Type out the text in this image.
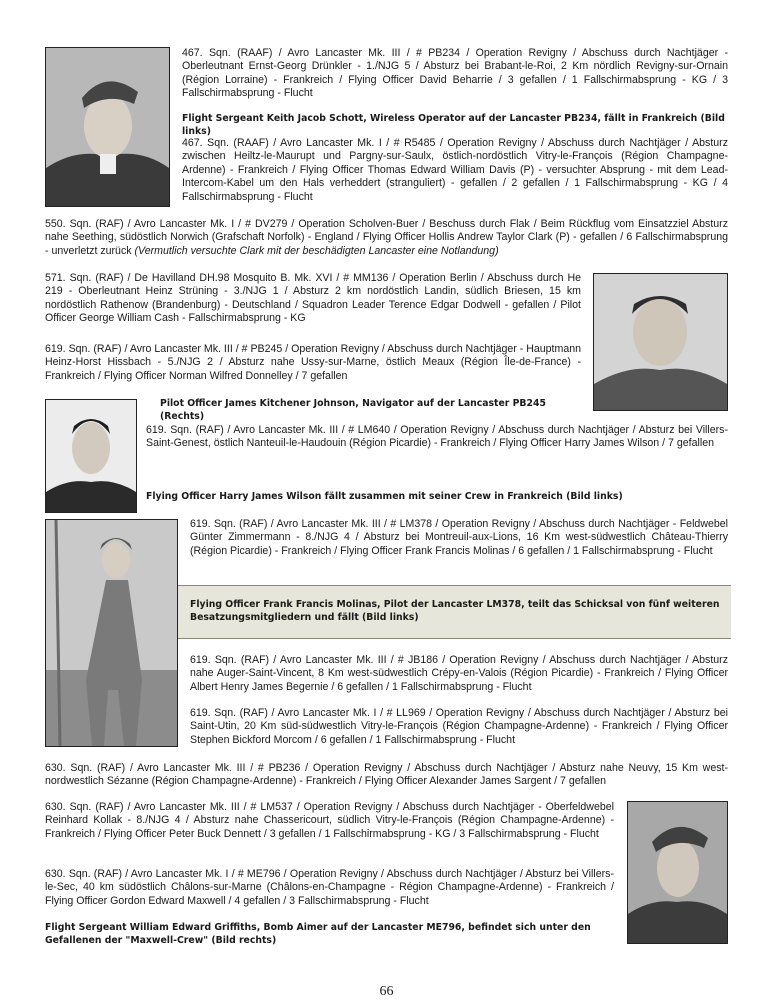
467. Sqn. (RAAF) / Avro Lancaster Mk. III / # PB234 / Operation Revigny / Abschuss durch Nachtjäger - Oberleutnant Ernst-Georg Drünkler - 1./NJG 5 / Absturz bei Brabant-le-Roi, 2 Km nördlich Revigny-sur-Ornain (Région Lorraine) - Frankreich / Flying Officer David Beharrie / 3 gefallen / 1 Fallschirmabsprung - KG / 3 Fallschirmabsprung - Flucht
Flight Sergeant Keith Jacob Schott, Wireless Operator auf der Lancaster PB234, fällt in Frankreich (Bild links)
467. Sqn. (RAAF) / Avro Lancaster Mk. I / # R5485 / Operation Revigny / Abschuss durch Nachtjäger / Absturz zwischen Heiltz-le-Maurupt und Pargny-sur-Saulx, östlich-nordöstlich Vitry-le-François (Région Champagne-Ardenne) - Frankreich / Flying Officer Thomas Edward William Davis (P) - versuchter Absprung - mit dem Lead-Intercom-Kabel um den Hals verheddert (stranguliert) - gefallen / 2 gefallen / 1 Fallschirmabsprung - KG / 4 Fallschirmabsprung - Flucht
550. Sqn. (RAF) / Avro Lancaster Mk. I / # DV279 / Operation Scholven-Buer / Beschuss durch Flak / Beim Rückflug vom Einsatzziel Absturz nahe Seething, südöstlich Norwich (Grafschaft Norfolk) - England / Flying Officer Hollis Andrew Taylor Clark (P) - gefallen / 6 Fallschirmabsprung - unverletzt zurück (Vermutlich versuchte Clark mit der beschädigten Lancaster eine Notlandung)
571. Sqn. (RAF) / De Havilland DH.98 Mosquito B. Mk. XVI / # MM136 / Operation Berlin / Abschuss durch He 219 - Oberleutnant Heinz Strüning - 3./NJG 1 / Absturz 2 km nordöstlich Landin, südlich Briesen, 15 km nordöstlich Rathenow (Brandenburg) - Deutschland / Squadron Leader Terence Edgar Dodwell - gefallen / Pilot Officer George William Cash - Fallschirmabsprung - KG
619. Sqn. (RAF) / Avro Lancaster Mk. III / # PB245 / Operation Revigny / Abschuss durch Nachtjäger - Hauptmann Heinz-Horst Hissbach - 5./NJG 2 / Absturz nahe Ussy-sur-Marne, östlich Meaux (Région Île-de-France) - Frankreich / Flying Officer Norman Wilfred Donnelley / 7 gefallen
Pilot Officer James Kitchener Johnson, Navigator auf der Lancaster PB245 (Rechts)
619. Sqn. (RAF) / Avro Lancaster Mk. III / # LM640 / Operation Revigny / Abschuss durch Nachtjäger / Absturz bei Villers-Saint-Genest, östlich Nanteuil-le-Haudouin (Région Picardie) - Frankreich / Flying Officer Harry James Wilson / 7 gefallen
Flying Officer Harry James Wilson fällt zusammen mit seiner Crew in Frankreich (Bild links)
619. Sqn. (RAF) / Avro Lancaster Mk. III / # LM378 / Operation Revigny / Abschuss durch Nachtjäger - Feldwebel Günter Zimmermann - 8./NJG 4 / Absturz bei Montreuil-aux-Lions, 16 Km west-südwestlich Château-Thierry (Région Picardie) - Frankreich / Flying Officer Frank Francis Molinas / 6 gefallen / 1 Fallschirmabsprung - Flucht
Flying Officer Frank Francis Molinas, Pilot der Lancaster LM378, teilt das Schicksal von fünf weiteren Besatzungsmitgliedern und fällt (Bild links)
619. Sqn. (RAF) / Avro Lancaster Mk. III / # JB186 / Operation Revigny / Abschuss durch Nachtjäger / Absturz nahe Auger-Saint-Vincent, 8 Km west-südwestlich Crépy-en-Valois (Région Picardie) - Frankreich / Flying Officer Albert Henry James Begernie / 6 gefallen / 1 Fallschirmabsprung - Flucht
619. Sqn. (RAF) / Avro Lancaster Mk. I / # LL969 / Operation Revigny / Abschuss durch Nachtjäger / Absturz bei Saint-Utin, 20 Km süd-südwestlich Vitry-le-François (Région Champagne-Ardenne) - Frankreich / Flying Officer Stephen Bickford Morcom / 6 gefallen / 1 Fallschirmabsprung - Flucht
630. Sqn. (RAF) / Avro Lancaster Mk. III / # PB236 / Operation Revigny / Abschuss durch Nachtjäger / Absturz nahe Neuvy, 15 Km west-nordwestlich Sézanne (Région Champagne-Ardenne) - Frankreich / Flying Officer Alexander James Sargent / 7 gefallen
630. Sqn. (RAF) / Avro Lancaster Mk. III / # LM537 / Operation Revigny / Abschuss durch Nachtjäger - Oberfeldwebel Reinhard Kollak - 8./NJG 4 / Absturz nahe Chassericourt, südlich Vitry-le-François (Région Champagne-Ardenne) - Frankreich / Flying Officer Peter Buck Dennett / 3 gefallen / 1 Fallschirmabsprung - KG / 3 Fallschirmabsprung - Flucht
630. Sqn. (RAF) / Avro Lancaster Mk. I / # ME796 / Operation Revigny / Abschuss durch Nachtjäger / Absturz bei Villers-le-Sec, 40 km südöstlich Châlons-sur-Marne (Châlons-en-Champagne - Région Champagne-Ardenne) - Frankreich / Flying Officer Gordon Edward Maxwell / 4 gefallen / 3 Fallschirmabsprung - Flucht
Flight Sergeant William Edward Griffiths, Bomb Aimer auf der Lancaster ME796, befindet sich unter den Gefallenen der "Maxwell-Crew" (Bild rechts)
66
